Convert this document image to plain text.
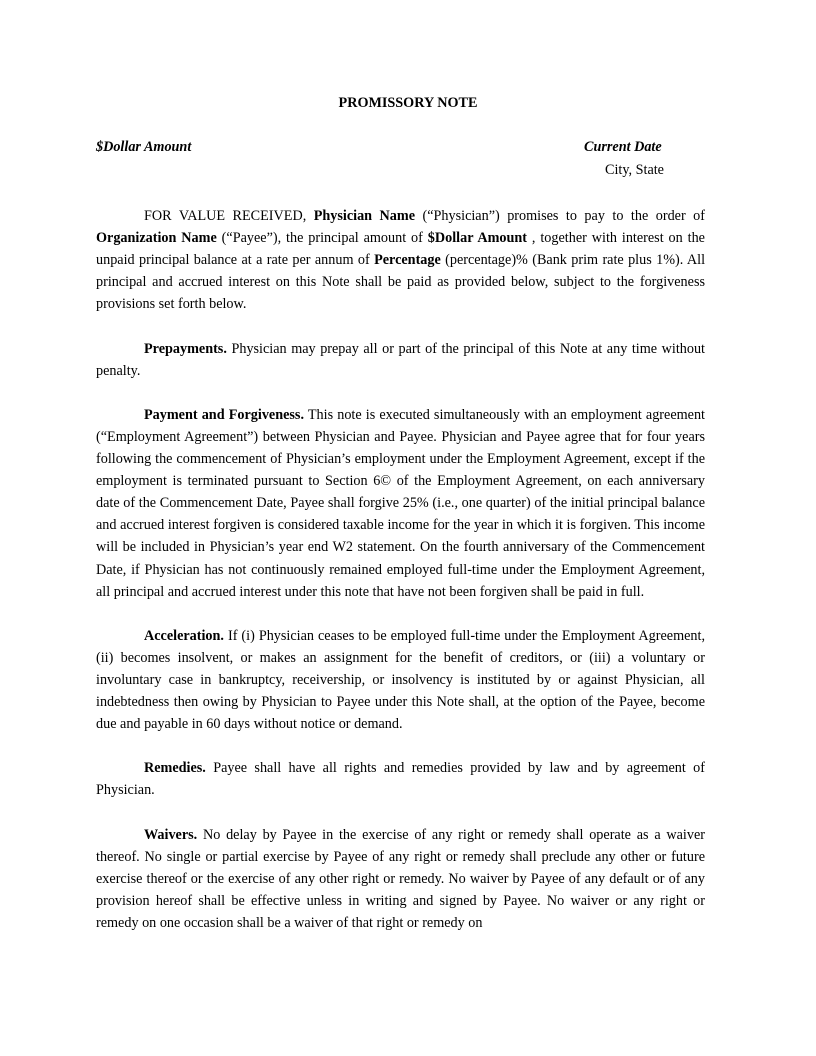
PROMISSORY NOTE
$Dollar Amount	Current Date
City, State

FOR VALUE RECEIVED, Physician Name (“Physician”) promises to pay to the order of Organization Name (“Payee”), the principal amount of $Dollar Amount , together with interest on the unpaid principal balance at a rate per annum of Percentage (percentage)% (Bank prim rate plus 1%). All principal and accrued interest on this Note shall be paid as provided below, subject to the forgiveness provisions set forth below.

Prepayments. Physician may prepay all or part of the principal of this Note at any time without penalty.

Payment and Forgiveness. This note is executed simultaneously with an employment agreement (“Employment Agreement”) between Physician and Payee. Physician and Payee agree that for four years following the commencement of Physician’s employment under the Employment Agreement, except if the employment is terminated pursuant to Section 6© of the Employment Agreement, on each anniversary date of the Commencement Date, Payee shall forgive 25% (i.e., one quarter) of the initial principal balance and accrued interest forgiven is considered taxable income for the year in which it is forgiven. This income will be included in Physician’s year end W2 statement. On the fourth anniversary of the Commencement Date, if Physician has not continuously remained employed full-time under the Employment Agreement, all principal and accrued interest under this note that have not been forgiven shall be paid in full.

Acceleration. If (i) Physician ceases to be employed full-time under the Employment Agreement, (ii) becomes insolvent, or makes an assignment for the benefit of creditors, or (iii) a voluntary or involuntary case in bankruptcy, receivership, or insolvency is instituted by or against Physician, all indebtedness then owing by Physician to Payee under this Note shall, at the option of the Payee, become due and payable in 60 days without notice or demand.

Remedies. Payee shall have all rights and remedies provided by law and by agreement of Physician.

Waivers. No delay by Payee in the exercise of any right or remedy shall operate as a waiver thereof. No single or partial exercise by Payee of any right or remedy shall preclude any other or future exercise thereof or the exercise of any other right or remedy. No waiver by Payee of any default or of any provision hereof shall be effective unless in writing and signed by Payee. No waiver or any right or remedy on one occasion shall be a waiver of that right or remedy on
